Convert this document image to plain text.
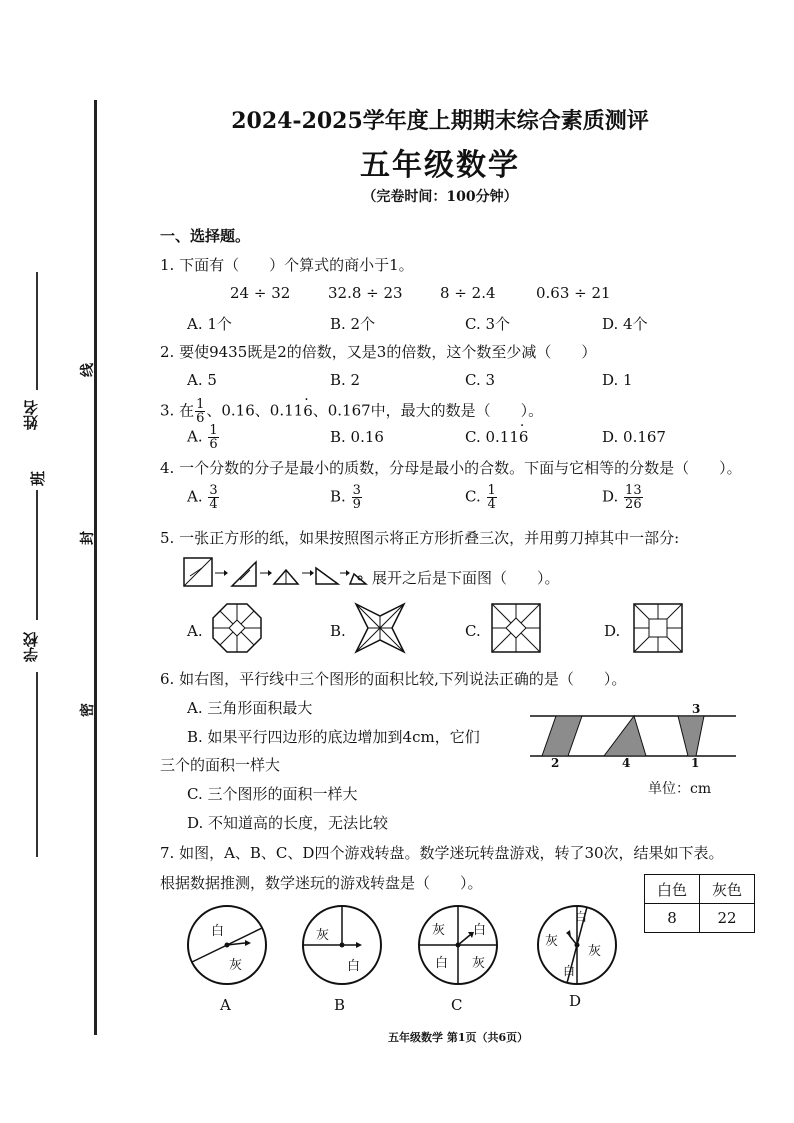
姓名
班
学校
线
封
密
2024-2025学年度上期期末综合素质测评
五年级数学
（完卷时间：100分钟）
一、选择题。
1. 下面有（　　）个算式的商小于1。
24 ÷ 32	32.8 ÷ 23 8 ÷ 2.4	0.63 ÷ 21
A. 1个	B. 2个	C. 3个	D. 4个
2. 要使9435既是2的倍数，又是3的倍数，这个数至少减（　　）
A. 5	B. 2	C. 3	D. 1
3. 在 $\frac{1}{6}$ 、0.16、0.116 ·、0.167中，最大的数是（　　）。
A. $\frac{1}{6}$	B. 0.16	C. 0.116 ·	D. 0.167
4. 一个分数的分子是最小的质数，分母是最小的合数。下面与它相等的分数是（　　）。
A. $\frac{3}{4}$	B. $\frac{3}{9}$	C. $\frac{1}{4}$	D. $\frac{13}{26}$
5. 一张正方形的纸，如果按照图示将正方形折叠三次，并用剪刀掉其中一部分:
展开之后是下面图（　　）。
A.	B.	C.	D.
6. 如右图，平行线中三个图形的面积比较,下列说法正确的是（　　）。
A. 三角形面积最大
B. 如果平行四边形的底边增加到4cm，它们
三个的面积一样大
C. 三个图形的面积一样大
D. 不知道高的长度，无法比较
3
2	4	1
单位：cm
7. 如图，A、B、C、D四个游戏转盘。数学迷玩转盘游戏，转了30次，结果如下表。
根据数据推测，数学迷玩的游戏转盘是（　　）。	白色	灰色
8	22
白
灰
A
灰
白
B
灰 白
白 灰
C
白
灰
灰
白
D
五年级数学 第1页（共6页）
